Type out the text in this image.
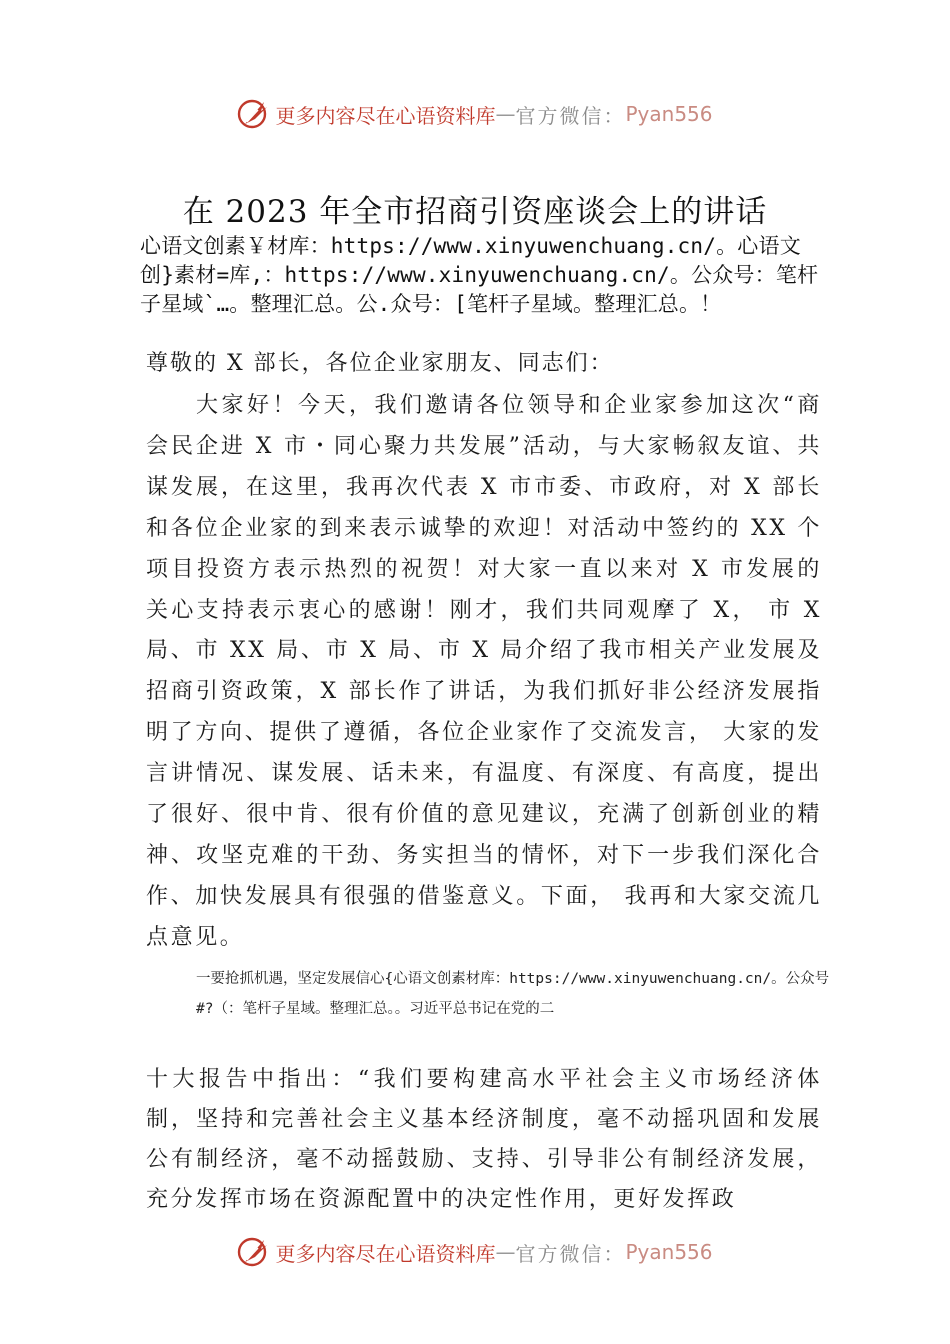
更多内容尽在心语资料库 — 官方微信： Pyan556
在 2023 年全市招商引资座谈会上的讲话
心语文创素￥材库：https://www.xinyuwenchuang.cn/。心语文创}素材=库,：https://www.xinyuwenchuang.cn/。公众号：笔杆子星域`…。整理汇总。公.众号：[笔杆子星域。整理汇总。！
尊敬的 X 部长，各位企业家朋友、同志们：
大家好！今天，我们邀请各位领导和企业家参加这次“商会民企进 X 市・同心聚力共发展”活动，与大家畅叙友谊、共谋发展，在这里，我再次代表 X 市市委、市政府，对 X 部长和各位企业家的到来表示诚挚的欢迎！对活动中签约的 XX 个项目投资方表示热烈的祝贺！对大家一直以来对 X 市发展的关心支持表示衷心的感谢！刚才，我们共同观摩了 X， 市 X 局、市 XX 局、市 X 局、市 X 局介绍了我市相关产业发展及招商引资政策，X 部长作了讲话，为我们抓好非公经济发展指明了方向、提供了遵循，各位企业家作了交流发言， 大家的发言讲情况、谋发展、话未来，有温度、有深度、有高度，提出了很好、很中肯、很有价值的意见建议，充满了创新创业的精神、攻坚克难的干劲、务实担当的情怀，对下一步我们深化合作、加快发展具有很强的借鉴意义。下面， 我再和大家交流几点意见。
一要抢抓机遇，坚定发展信心{心语文创素材库：https://www.xinyuwenchuang.cn/。公众号#?（：笔杆子星域。整理汇总。。习近平总书记在党的二
十大报告中指出：“我们要构建高水平社会主义市场经济体制，坚持和完善社会主义基本经济制度，毫不动摇巩固和发展公有制经济，毫不动摇鼓励、支持、引导非公有制经济发展，充分发挥市场在资源配置中的决定性作用，更好发挥政
更多内容尽在心语资料库 — 官方微信： Pyan556
